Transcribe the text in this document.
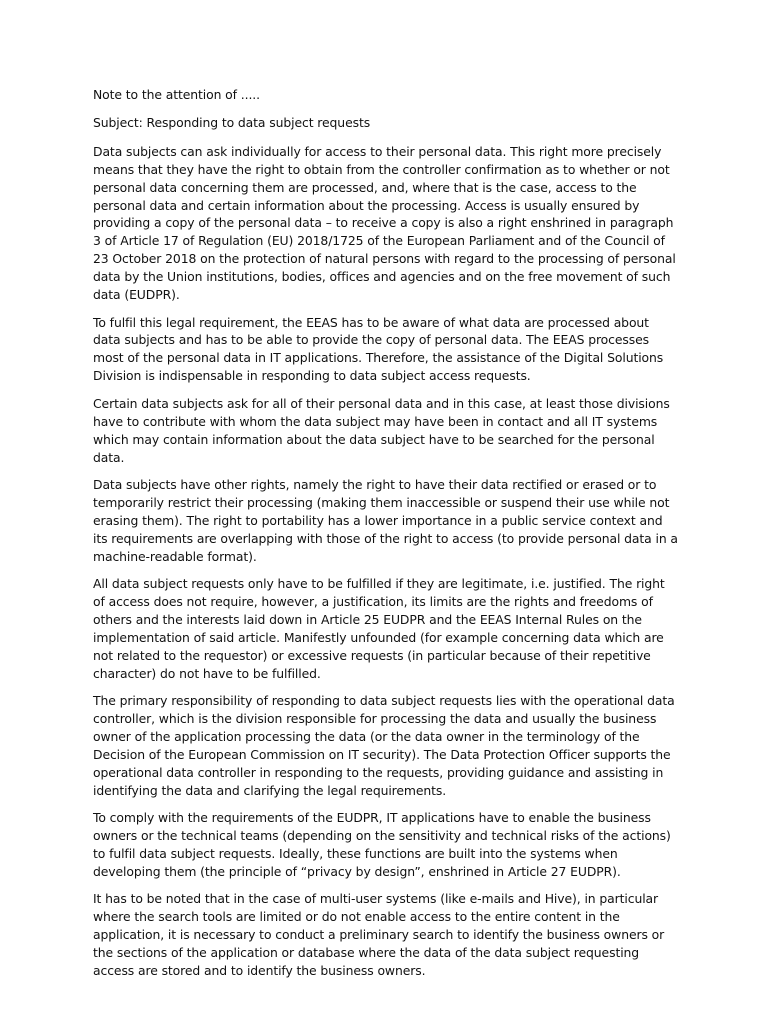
Note to the attention of .....

Subject: Responding to data subject requests

Data subjects can ask individually for access to their personal data. This right more precisely means that they have the right to obtain from the controller confirmation as to whether or not personal data concerning them are processed, and, where that is the case, access to the personal data and certain information about the processing. Access is usually ensured by providing a copy of the personal data – to receive a copy is also a right enshrined in paragraph 3 of Article 17 of Regulation (EU) 2018/1725 of the European Parliament and of the Council of 23 October 2018 on the protection of natural persons with regard to the processing of personal data by the Union institutions, bodies, offices and agencies and on the free movement of such data (EUDPR).

To fulfil this legal requirement, the EEAS has to be aware of what data are processed about data subjects and has to be able to provide the copy of personal data. The EEAS processes most of the personal data in IT applications. Therefore, the assistance of the Digital Solutions Division is indispensable in responding to data subject access requests.

Certain data subjects ask for all of their personal data and in this case, at least those divisions have to contribute with whom the data subject may have been in contact and all IT systems which may contain information about the data subject have to be searched for the personal data.

Data subjects have other rights, namely the right to have their data rectified or erased or to temporarily restrict their processing (making them inaccessible or suspend their use while not erasing them). The right to portability has a lower importance in a public service context and its requirements are overlapping with those of the right to access (to provide personal data in a machine-readable format).

All data subject requests only have to be fulfilled if they are legitimate, i.e. justified. The right of access does not require, however, a justification, its limits are the rights and freedoms of others and the interests laid down in Article 25 EUDPR and the EEAS Internal Rules on the implementation of said article. Manifestly unfounded (for example concerning data which are not related to the requestor) or excessive requests (in particular because of their repetitive character) do not have to be fulfilled.

The primary responsibility of responding to data subject requests lies with the operational data controller, which is the division responsible for processing the data and usually the business owner of the application processing the data (or the data owner in the terminology of the Decision of the European Commission on IT security). The Data Protection Officer supports the operational data controller in responding to the requests, providing guidance and assisting in identifying the data and clarifying the legal requirements.

To comply with the requirements of the EUDPR, IT applications have to enable the business owners or the technical teams (depending on the sensitivity and technical risks of the actions) to fulfil data subject requests. Ideally, these functions are built into the systems when developing them (the principle of “privacy by design”, enshrined in Article 27 EUDPR).

It has to be noted that in the case of multi-user systems (like e-mails and Hive), in particular where the search tools are limited or do not enable access to the entire content in the application, it is necessary to conduct a preliminary search to identify the business owners or the sections of the application or database where the data of the data subject requesting access are stored and to identify the business owners.
